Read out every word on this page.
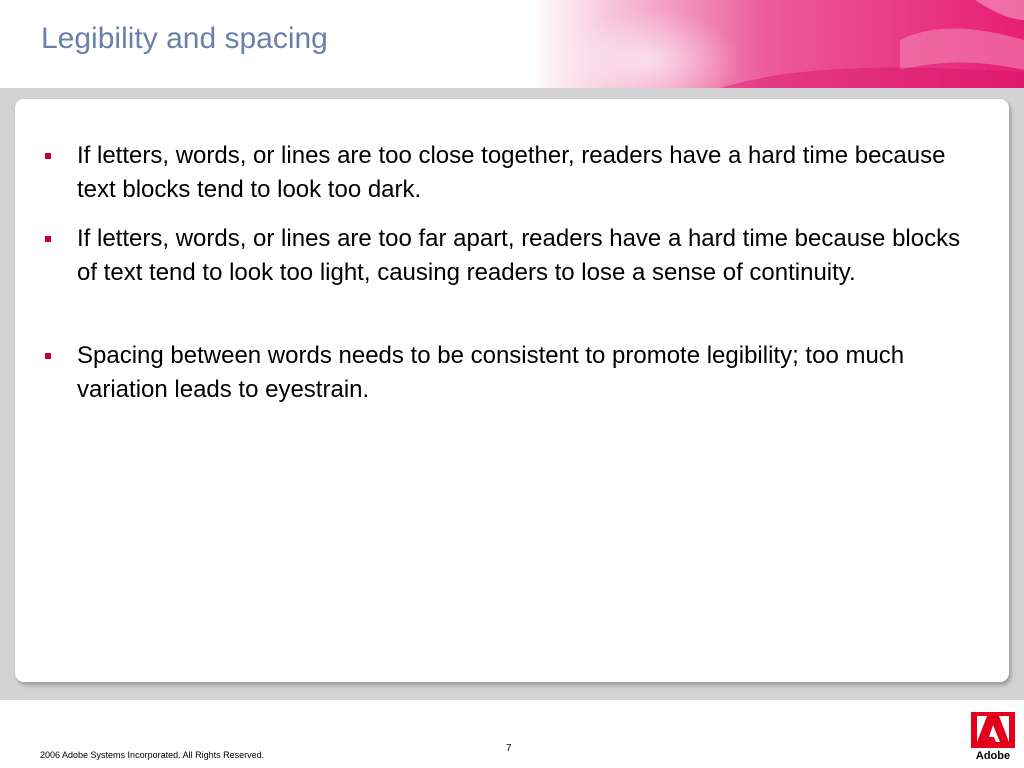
Legibility and spacing
If letters, words, or lines are too close together, readers have a hard time because text blocks tend to look too dark.
If letters, words, or lines are too far apart, readers have a hard time because blocks of text tend to look too light, causing readers to lose a sense of continuity.
Spacing between words needs to be consistent to promote legibility; too much variation leads to eyestrain.
2006 Adobe Systems Incorporated. All Rights Reserved.
7
Adobe
